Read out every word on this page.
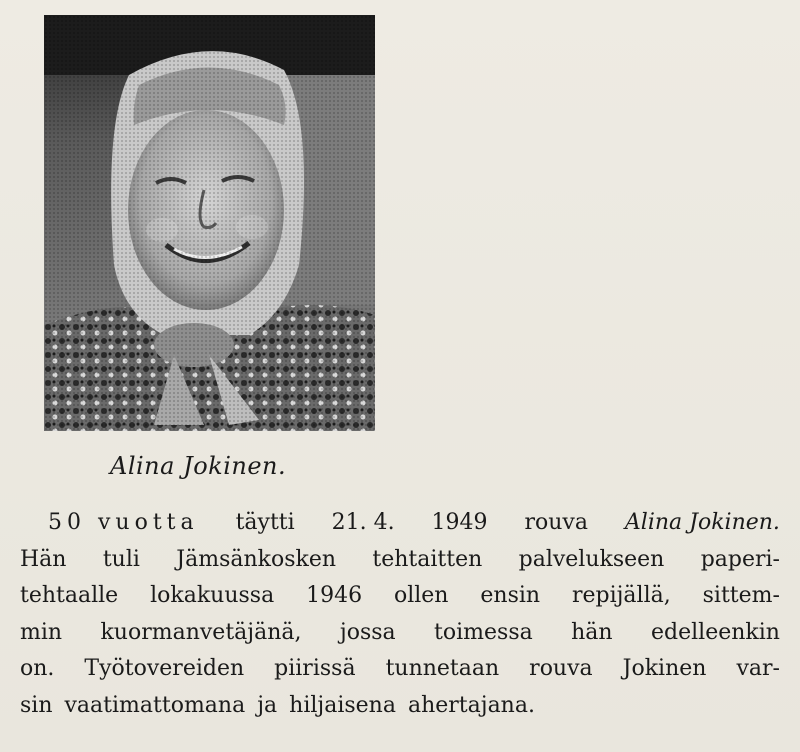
Alina Jokinen.
50 vuotta täytti 21. 4. 1949 rouva Alina Jokinen.
Hän tuli Jämsänkosken tehtaitten palvelukseen paperi-
tehtaalle lokakuussa 1946 ollen ensin repijällä, sittem-
min kuormanvetäjänä, jossa toimessa hän edelleenkin
on. Työtovereiden piirissä tunnetaan rouva Jokinen var-
sin vaatimattomana ja hiljaisena ahertajana.
